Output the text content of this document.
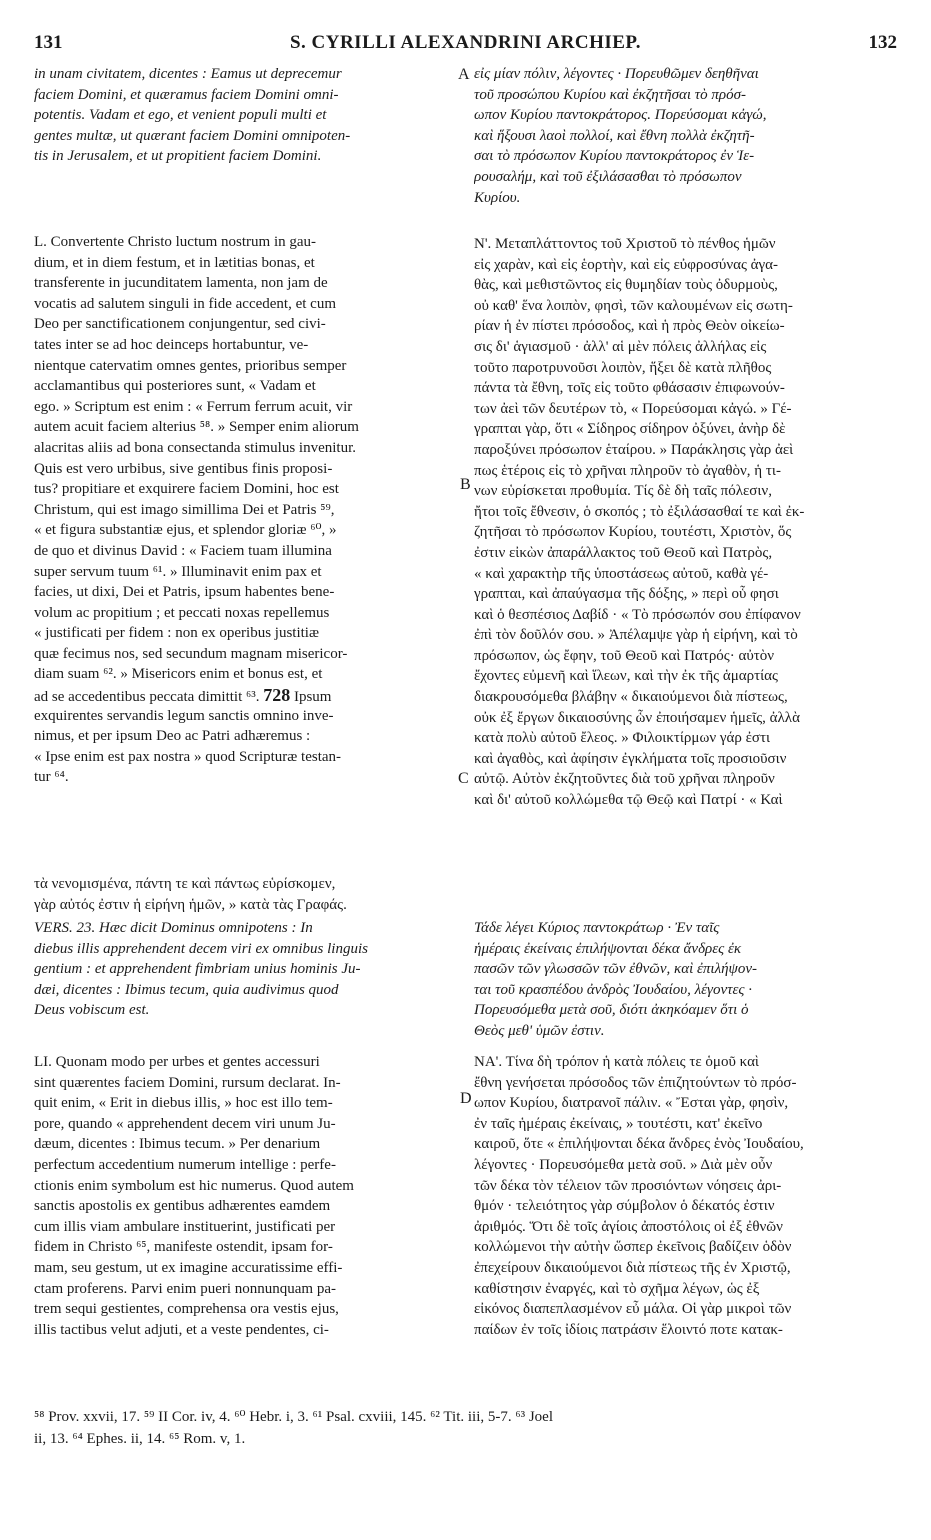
131	S. CYRILLI ALEXANDRINI ARCHIEP.	132
in unam civitatem, dicentes : Eamus ut deprecemur
faciem Domini, et quæramus faciem Domini omni-
potentis. Vadam et ego, et venient populi multi et
gentes multæ, ut quærant faciem Domini omnipoten-
tis in Jerusalem, et ut propitient faciem Domini.
L. Convertente Christo luctum nostrum in gau-
dium, et in diem festum, et in lætitias bonas, et
transferente in jucunditatem lamenta, non jam de
vocatis ad salutem singuli in fide accedent, et cum
Deo per sanctificationem conjungentur, sed civi-
tates inter se ad hoc deinceps hortabuntur, ve-
nientque catervatim omnes gentes, prioribus semper
acclamantibus qui posteriores sunt, « Vadam et
ego. » Scriptum est enim : « Ferrum ferrum acuit, vir
autem acuit faciem alterius ⁵⁸. » Semper enim aliorum
alacritas aliis ad bona consectanda stimulus invenitur.
Quis est vero urbibus, sive gentibus finis proposi-
tus? propitiare et exquirere faciem Domini, hoc est
Christum, qui est imago simillima Dei et Patris ⁵⁹,
« et figura substantiæ ejus, et splendor gloriæ ⁶⁰, »
de quo et divinus David : « Faciem tuam illumina
super servum tuum ⁶¹. » Illuminavit enim pax et
facies, ut dixi, Dei et Patris, ipsum habentes bene-
volum ac propitium ; et peccati noxas repellemus
« justificati per fidem : non ex operibus justitiæ
quæ fecimus nos, sed secundum magnam misericor-
diam suam ⁶². » Misericors enim et bonus est, et
ad se accedentibus peccata dimittit ⁶³. 728 Ipsum
exquirentes servandis legum sanctis omnino inve-
nimus, et per ipsum Deo ac Patri adhæremus :
« Ipse enim est pax nostra » quod Scripturæ testan-
tur ⁶⁴.
τὰ νενομισμένα, πάντη τε καὶ πάντως εὑρίσκομεν,
γὰρ αὐτός ἐστιν ἡ εἰρήνη ἡμῶν, » κατὰ τὰς Γραφάς.
VERS. 23. Hæc dicit Dominus omnipotens : In
diebus illis apprehendent decem viri ex omnibus linguis
gentium : et apprehendent fimbriam unius hominis Ju-
dæi, dicentes : Ibimus tecum, quia audivimus quod
Deus vobiscum est.
LI. Quonam modo per urbes et gentes accessuri
sint quærentes faciem Domini, rursum declarat. In-
quit enim, « Erit in diebus illis, » hoc est illo tem-
pore, quando « apprehendent decem viri unum Ju-
dæum, dicentes : Ibimus tecum. » Per denarium
perfectum accedentium numerum intellige : perfe-
ctionis enim symbolum est hic numerus. Quod autem
sanctis apostolis ex gentibus adhærentes eamdem
cum illis viam ambulare instituerint, justificati per
fidem in Christo ⁶⁵, manifeste ostendit, ipsam for-
mam, seu gestum, ut ex imagine accuratissime effi-
ctam proferens. Parvi enim pueri nonnunquam pa-
trem sequi gestientes, comprehensa ora vestis ejus,
illis tactibus velut adjuti, et a veste pendentes, ci-
A
B
C
D
εἰς μίαν πόλιν, λέγοντες · Πορευθῶμεν δεηθῆναι
τοῦ προσώπου Κυρίου καὶ ἐκζητῆσαι τὸ πρόσ-
ωπον Κυρίου παντοκράτορος. Πορεύσομαι κἀγώ,
καὶ ἥξουσι λαοὶ πολλοί, καὶ ἔθνη πολλὰ ἐκζητῆ-
σαι τὸ πρόσωπον Κυρίου παντοκράτορος ἐν Ἱε-
ρουσαλήμ, καὶ τοῦ ἐξιλάσασθαι τὸ πρόσωπον
Κυρίου.
Ν'. Μεταπλάττοντος τοῦ Χριστοῦ τὸ πένθος ἡμῶν
εἰς χαρὰν, καὶ εἰς ἑορτὴν, καὶ εἰς εὐφροσύνας ἀγα-
θὰς, καὶ μεθιστῶντος εἰς θυμηδίαν τοὺς ὀδυρμοὺς,
οὐ καθ' ἕνα λοιπὸν, φησὶ, τῶν καλουμένων εἰς σωτη-
ρίαν ἡ ἐν πίστει πρόσοδος, καὶ ἡ πρὸς Θεὸν οἰκείω-
σις δι' ἁγιασμοῦ · ἀλλ' αἱ μὲν πόλεις ἀλλήλας εἰς
τοῦτο παροτρυνοῦσι λοιπὸν, ἥξει δὲ κατὰ πλῆθος
πάντα τὰ ἔθνη, τοῖς εἰς τοῦτο φθάσασιν ἐπιφωνούν-
των ἀεὶ τῶν δευτέρων τὸ, « Πορεύσομαι κἀγώ. » Γέ-
γραπται γὰρ, ὅτι « Σίδηρος σίδηρον ὀξύνει, ἀνὴρ δὲ
παροξύνει πρόσωπον ἑταίρου. » Παράκλησις γὰρ ἀεὶ
πως ἑτέροις εἰς τὸ χρῆναι πληροῦν τὸ ἀγαθὸν, ἡ τι-
νων εὑρίσκεται προθυμία. Τίς δὲ δὴ ταῖς πόλεσιν,
ἤτοι τοῖς ἔθνεσιν, ὁ σκοπός ; τὸ ἐξιλάσασθαί τε καὶ ἐκ-
ζητῆσαι τὸ πρόσωπον Κυρίου, τουτέστι, Χριστὸν, ὅς
ἐστιν εἰκὼν ἀπαράλλακτος τοῦ Θεοῦ καὶ Πατρὸς,
« καὶ χαρακτὴρ τῆς ὑποστάσεως αὐτοῦ, καθὰ γέ-
γραπται, καὶ ἀπαύγασμα τῆς δόξης, » περὶ οὗ φησι
καὶ ὁ θεσπέσιος Δαβίδ · « Τὸ πρόσωπόν σου ἐπίφανον
ἐπὶ τὸν δοῦλόν σου. » Ἀπέλαμψε γὰρ ἡ εἰρήνη, καὶ τὸ
πρόσωπον, ὡς ἔφην, τοῦ Θεοῦ καὶ Πατρός· αὐτὸν
ἔχοντες εὐμενῆ καὶ ἵλεων, καὶ τὴν ἐκ τῆς ἁμαρτίας
διακρουσόμεθα βλάβην « δικαιούμενοι διὰ πίστεως,
οὐκ ἐξ ἔργων δικαιοσύνης ὧν ἐποιήσαμεν ἡμεῖς, ἀλλὰ
κατὰ πολὺ αὐτοῦ ἔλεος. » Φιλοικτίρμων γάρ ἐστι
καὶ ἀγαθὸς, καὶ ἀφίησιν ἐγκλήματα τοῖς προσιοῦσιν
αὐτῷ. Αὐτὸν ἐκζητοῦντες διὰ τοῦ χρῆναι πληροῦν
καὶ δι' αὐτοῦ κολλώμεθα τῷ Θεῷ καὶ Πατρί · « Καὶ
Τάδε λέγει Κύριος παντοκράτωρ · Ἐν ταῖς
ἡμέραις ἐκείναις ἐπιλήψονται δέκα ἄνδρες ἐκ
πασῶν τῶν γλωσσῶν τῶν ἐθνῶν, καὶ ἐπιλήψον-
ται τοῦ κρασπέδου ἀνδρὸς Ἰουδαίου, λέγοντες ·
Πορευσόμεθα μετὰ σοῦ, διότι ἀκηκόαμεν ὅτι ὁ
Θεὸς μεθ' ὑμῶν ἐστιν.
ΝΑ'. Τίνα δὴ τρόπον ἡ κατὰ πόλεις τε ὁμοῦ καὶ
ἔθνη γενήσεται πρόσοδος τῶν ἐπιζητούντων τὸ πρόσ-
ωπον Κυρίου, διατρανοῖ πάλιν. « Ἔσται γὰρ, φησὶν,
ἐν ταῖς ἡμέραις ἐκείναις, » τουτέστι, κατ' ἐκεῖνο
καιροῦ, ὅτε « ἐπιλήψονται δέκα ἄνδρες ἑνὸς Ἰουδαίου,
λέγοντες · Πορευσόμεθα μετὰ σοῦ. » Διὰ μὲν οὖν
τῶν δέκα τὸν τέλειον τῶν προσιόντων νόησεις ἀρι-
θμόν · τελειότητος γὰρ σύμβολον ὁ δέκατός ἐστιν
ἀριθμός. Ὅτι δὲ τοῖς ἁγίοις ἀποστόλοις οἱ ἐξ ἐθνῶν
κολλώμενοι τὴν αὐτὴν ὥσπερ ἐκεῖνοις βαδίζειν ὁδὸν
ἐπεχείρουν δικαιούμενοι διὰ πίστεως τῆς ἐν Χριστῷ,
καθίστησιν ἐναργές, καὶ τὸ σχῆμα λέγων, ὡς ἐξ
εἰκόνος διαπεπλασμένον εὖ μάλα. Οἱ γὰρ μικροὶ τῶν
παίδων ἐν τοῖς ἰδίοις πατράσιν ἕλοιντό ποτε κατακ-
⁵⁸ Prov. xxvii, 17. ⁵⁹ II Cor. iv, 4. ⁶⁰ Hebr. i, 3. ⁶¹ Psal. cxviii, 145. ⁶² Tit. iii, 5-7. ⁶³ Joel
ii, 13. ⁶⁴ Ephes. ii, 14. ⁶⁵ Rom. v, 1.
